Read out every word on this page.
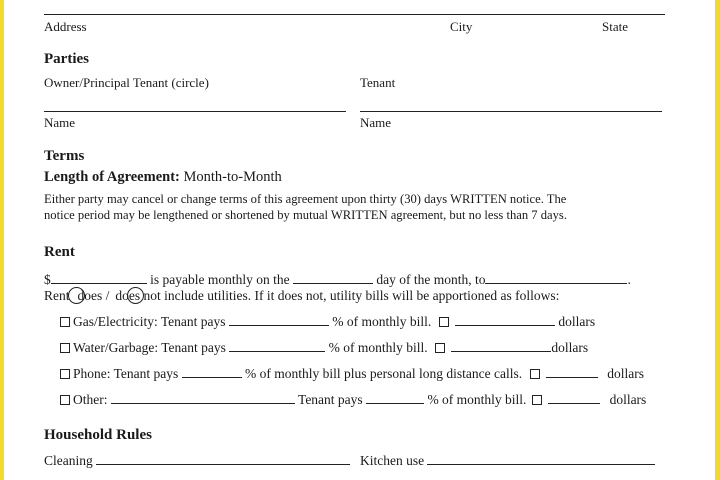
Address	City	State
Parties
Owner/Principal Tenant (circle)	Tenant
Name	Name
Terms
Length of Agreement: Month-to-Month
Either party may cancel or change terms of this agreement upon thirty (30) days WRITTEN notice. The
notice period may be lengthened or shortened by mutual WRITTEN agreement, but no less than 7 days.
Rent
$	is payable monthly on the	day of the month, to	.
Rent does / does not include utilities. If it does not, utility bills will be apportioned as follows:
Gas/Electricity: Tenant pays	% of monthly bill.	dollars
Water/Garbage: Tenant pays	% of monthly bill.	dollars
Phone: Tenant pays	% of monthly bill plus personal long distance calls.	dollars
Other:	Tenant pays	% of monthly bill.	dollars
Household Rules
Cleaning	Kitchen use
